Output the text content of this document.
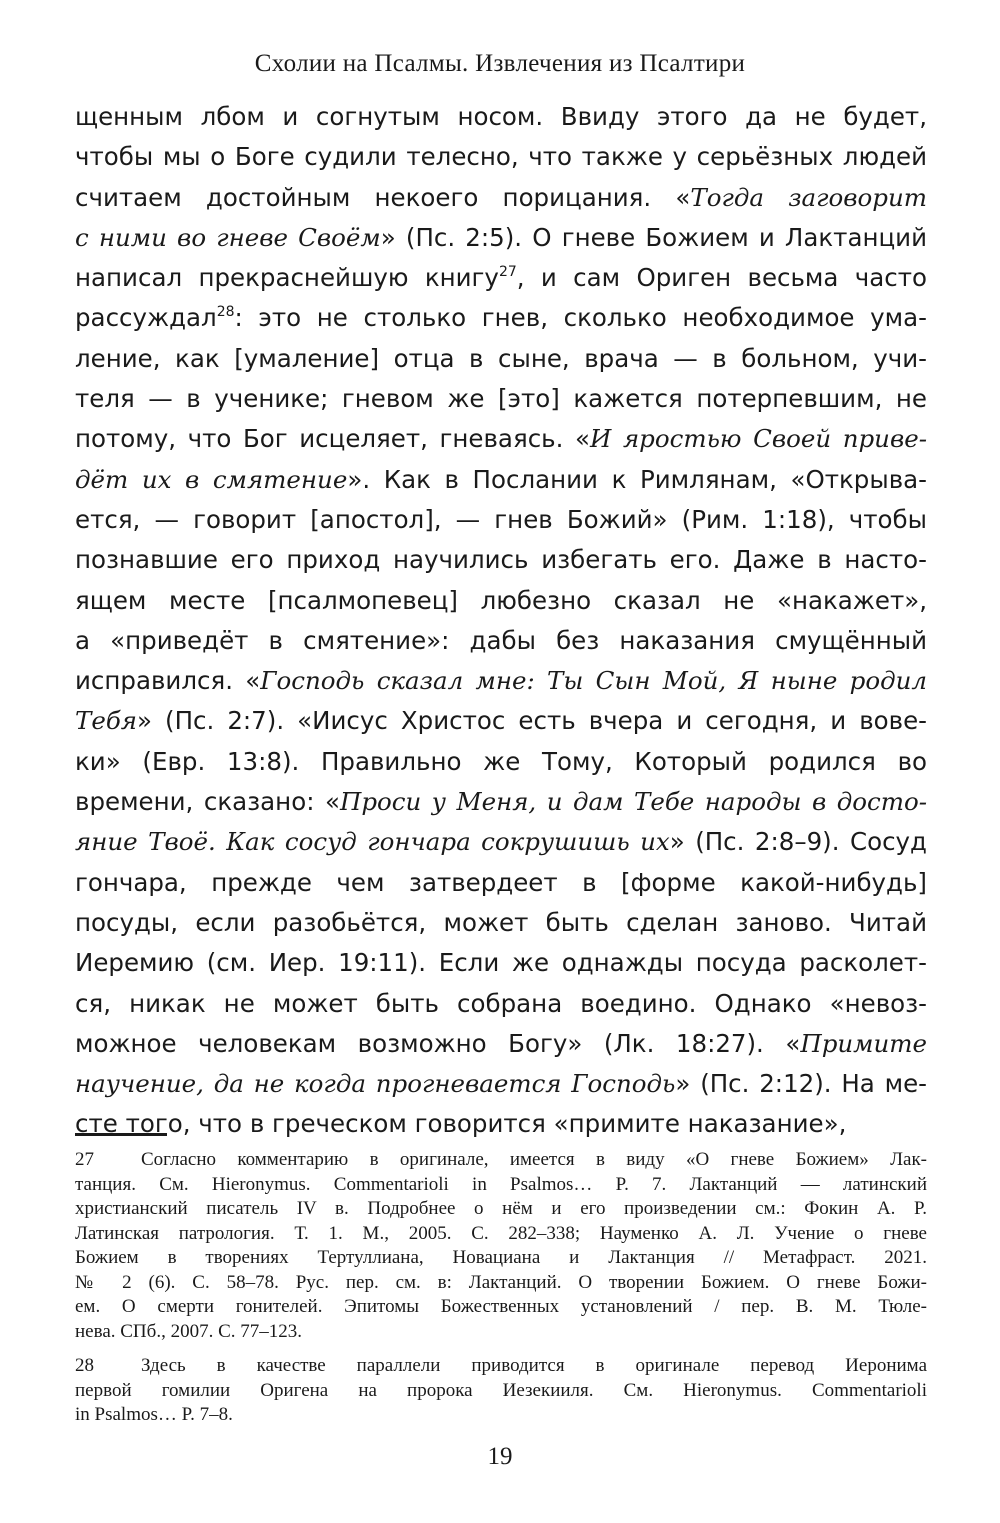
Схолии на Псалмы. Извлечения из Псалтири
щенным лбом и согнутым носом. Ввиду этого да не будет,
чтобы мы о Боге судили телесно, что также у серьёзных людей
считаем достойным некоего порицания. «Тогда заговорит
с ними во гневе Своём» (Пс. 2:5). О гневе Божием и Лактанций
написал прекраснейшую книгу$^{27}$, и сам Ориген весьма часто
рассуждал$^{28}$: это не столько гнев, сколько необходимое ума-
ление, как [умаление] отца в сыне, врача — в больном, учи-
теля — в ученике; гневом же [это] кажется потерпевшим, не
потому, что Бог исцеляет, гневаясь. «И яростью Своей приве-
дёт их в смятение». Как в Послании к Римлянам, «Открыва-
ется, — говорит [апостол], — гнев Божий» (Рим. 1:18), чтобы
познавшие его приход научились избегать его. Даже в насто-
ящем месте [псалмопевец] любезно сказал не «накажет»,
а «приведёт в смятение»: дабы без наказания смущённый
исправился. «Господь сказал мне: Ты Сын Мой, Я ныне родил
Тебя» (Пс. 2:7). «Иисус Христос есть вчера и сегодня, и вове-
ки» (Евр. 13:8). Правильно же Тому, Который родился во
времени, сказано: «Проси у Меня, и дам Тебе народы в достo-
яние Твоё. Как сосуд гончара сокрушишь их» (Пс. 2:8–9). Сосуд
гончара, прежде чем затвердеет в [форме какой-нибудь]
посуды, если разобьётся, может быть сделан заново. Читай
Иеремию (см. Иер. 19:11). Если же однажды посуда расколет-
ся, никак не может быть собрана воедино. Однако «невоз-
можное человекам возможно Богу» (Лк. 18:27). «Примите
научение, да не когда прогневается Господь» (Пс. 2:12). На ме-
сте того, что в греческом говорится «примите наказание»,
27 Согласно комментарию в оригинале, имеется в виду «О гневе Божием» Лак-
танция. См. Hieronymus. Commentarioli in Psalmos… P. 7. Лактанций — латинский
христианский писатель IV в. Подробнее о нём и его произведении см.: Фокин А. Р.
Латинская патрология. Т. 1. М., 2005. С. 282–338; Науменко А. Л. Учение о гневе
Божием в творениях Тертуллиана, Новациана и Лактанция // Метафраст. 2021.
№ 2 (6). С. 58–78. Рус. пер. см. в: Лактанций. О творении Божием. О гневе Божи-
ем. О смерти гонителей. Эпитомы Божественных установлений / пер. В. М. Тюле-
нева. СПб., 2007. С. 77–123.
28 Здесь в качестве параллели приводится в оригинале перевод Иеронима
первой гомилии Оригена на пророка Иезекииля. См. Hieronymus. Commentarioli
in Psalmos… P. 7–8.
19
